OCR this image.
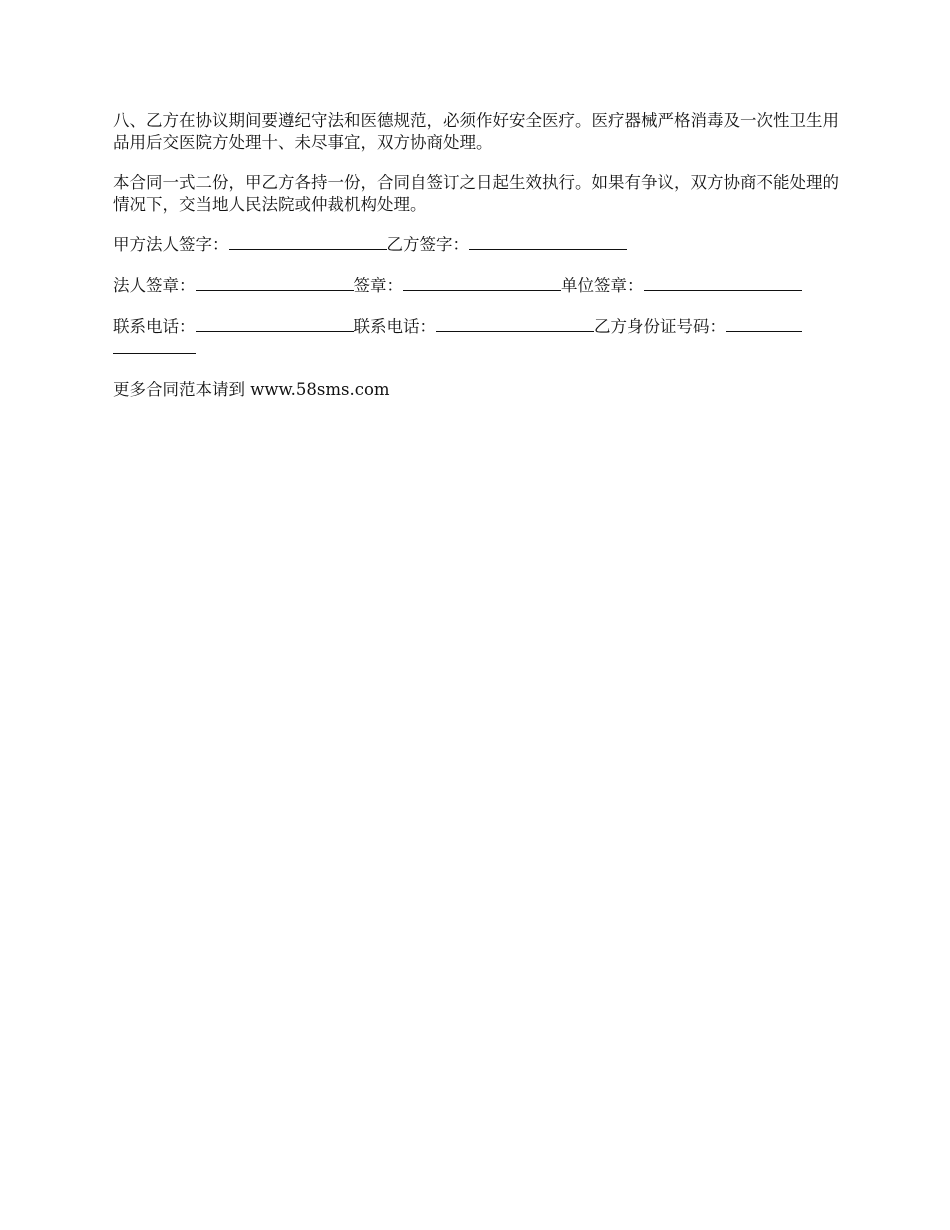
八、乙方在协议期间要遵纪守法和医德规范，必须作好安全医疗。医疗器械严格消毒及一次性卫生用品用后交医院方处理十、未尽事宜，双方协商处理。

本合同一式二份，甲乙方各持一份，合同自签订之日起生效执行。如果有争议，双方协商不能处理的情况下，交当地人民法院或仲裁机构处理。

甲方法人签字：	乙方签字：
法人签章：	签章：	单位签章：
联系电话：	联系电话：	乙方身份证号码：

更多合同范本请到 www.58sms.com
